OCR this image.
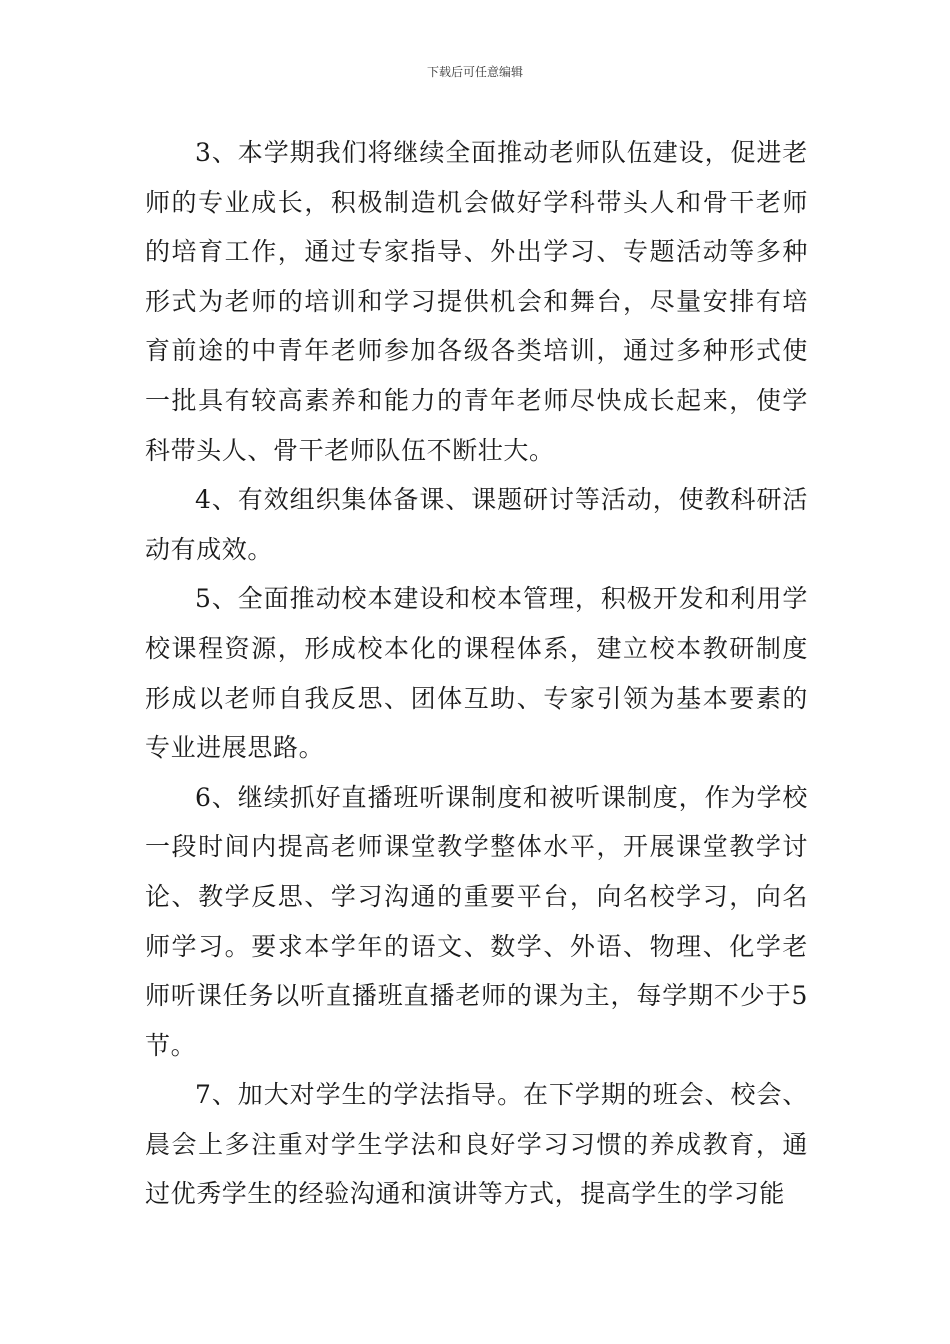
下载后可任意编辑

3、本学期我们将继续全面推动老师队伍建设，促进老师的专业成长，积极制造机会做好学科带头人和骨干老师的培育工作，通过专家指导、外出学习、专题活动等多种形式为老师的培训和学习提供机会和舞台，尽量安排有培育前途的中青年老师参加各级各类培训，通过多种形式使一批具有较高素养和能力的青年老师尽快成长起来，使学科带头人、骨干老师队伍不断壮大。

4、有效组织集体备课、课题研讨等活动，使教科研活动有成效。

5、全面推动校本建设和校本管理，积极开发和利用学校课程资源，形成校本化的课程体系，建立校本教研制度形成以老师自我反思、团体互助、专家引领为基本要素的专业进展思路。

6、继续抓好直播班听课制度和被听课制度，作为学校一段时间内提高老师课堂教学整体水平，开展课堂教学讨论、教学反思、学习沟通的重要平台，向名校学习，向名师学习。要求本学年的语文、数学、外语、物理、化学老师听课任务以听直播班直播老师的课为主，每学期不少于5节。

7、加大对学生的学法指导。在下学期的班会、校会、晨会上多注重对学生学法和良好学习习惯的养成教育，通过优秀学生的经验沟通和演讲等方式，提高学生的学习能
